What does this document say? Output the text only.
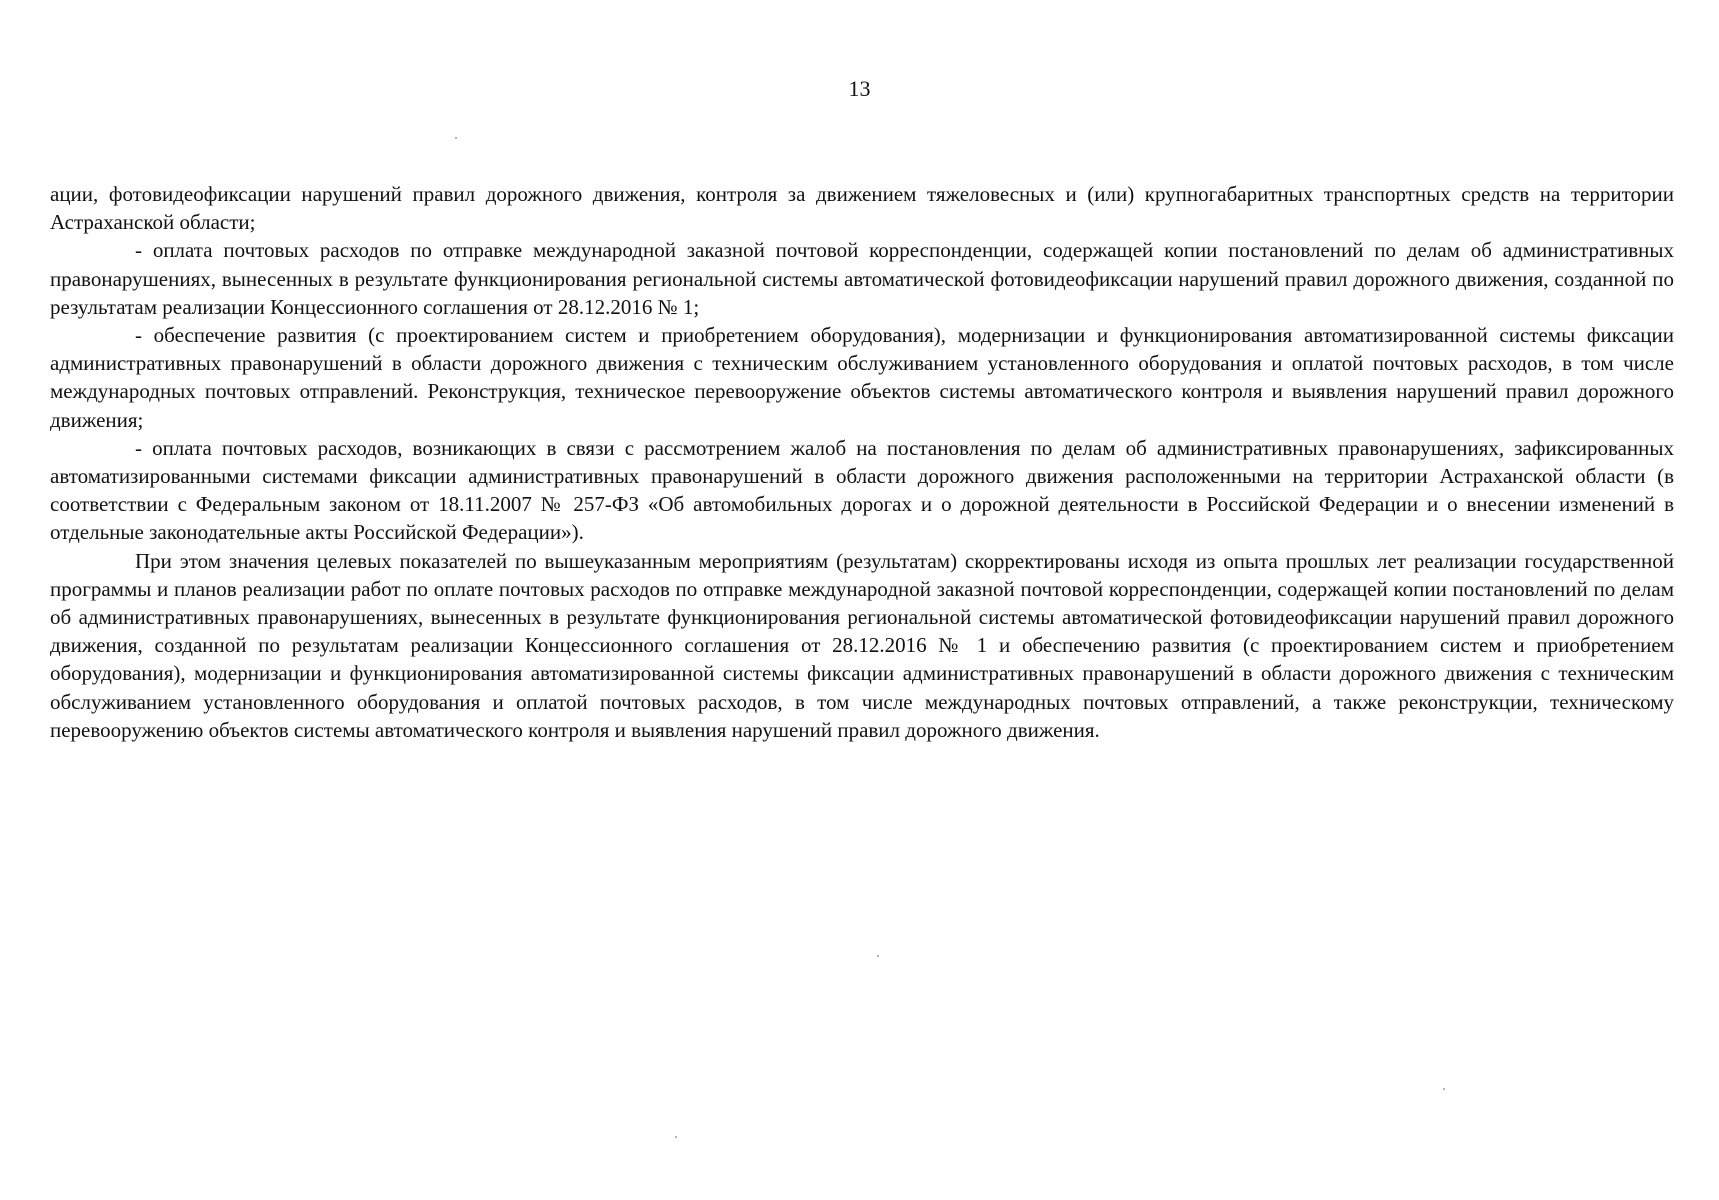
13

ации, фотовидеофиксации нарушений правил дорожного движения, контроля за движением тяжеловесных и (или) крупногабаритных транспортных средств на территории Астраханской области;

- оплата почтовых расходов по отправке международной заказной почтовой корреспонденции, содержащей копии постановлений по делам об административных правонарушениях, вынесенных в результате функционирования региональной системы автоматической фотовидеофиксации нарушений правил дорожного движения, созданной по результатам реализации Концессионного соглашения от 28.12.2016 № 1;

- обеспечение развития (с проектированием систем и приобретением оборудования), модернизации и функционирования автоматизированной системы фиксации административных правонарушений в области дорожного движения с техническим обслуживанием установленного оборудования и оплатой почтовых расходов, в том числе международных почтовых отправлений. Реконструкция, техническое перевооружение объектов системы автоматического контроля и выявления нарушений правил дорожного движения;

- оплата почтовых расходов, возникающих в связи с рассмотрением жалоб на постановления по делам об административных правонарушениях, зафиксированных автоматизированными системами фиксации административных правонарушений в области дорожного движения расположенными на территории Астраханской области (в соответствии с Федеральным законом от 18.11.2007 № 257-ФЗ «Об автомобильных дорогах и о дорожной деятельности в Российской Федерации и о внесении изменений в отдельные законодательные акты Российской Федерации»).

При этом значения целевых показателей по вышеуказанным мероприятиям (результатам) скорректированы исходя из опыта прошлых лет реализации государственной программы и планов реализации работ по оплате почтовых расходов по отправке международной заказной почтовой корреспонденции, содержащей копии постановлений по делам об административных правонарушениях, вынесенных в результате функционирования региональной системы автоматической фотовидеофиксации нарушений правил дорожного движения, созданной по результатам реализации Концессионного соглашения от 28.12.2016 № 1 и обеспечению развития (с проектированием систем и приобретением оборудования), модернизации и функционирования автоматизированной системы фиксации административных правонарушений в области дорожного движения с техническим обслуживанием установленного оборудования и оплатой почтовых расходов, в том числе международных почтовых отправлений, а также реконструкции, техническому перевооружению объектов системы автоматического контроля и выявления нарушений правил дорожного движения.
